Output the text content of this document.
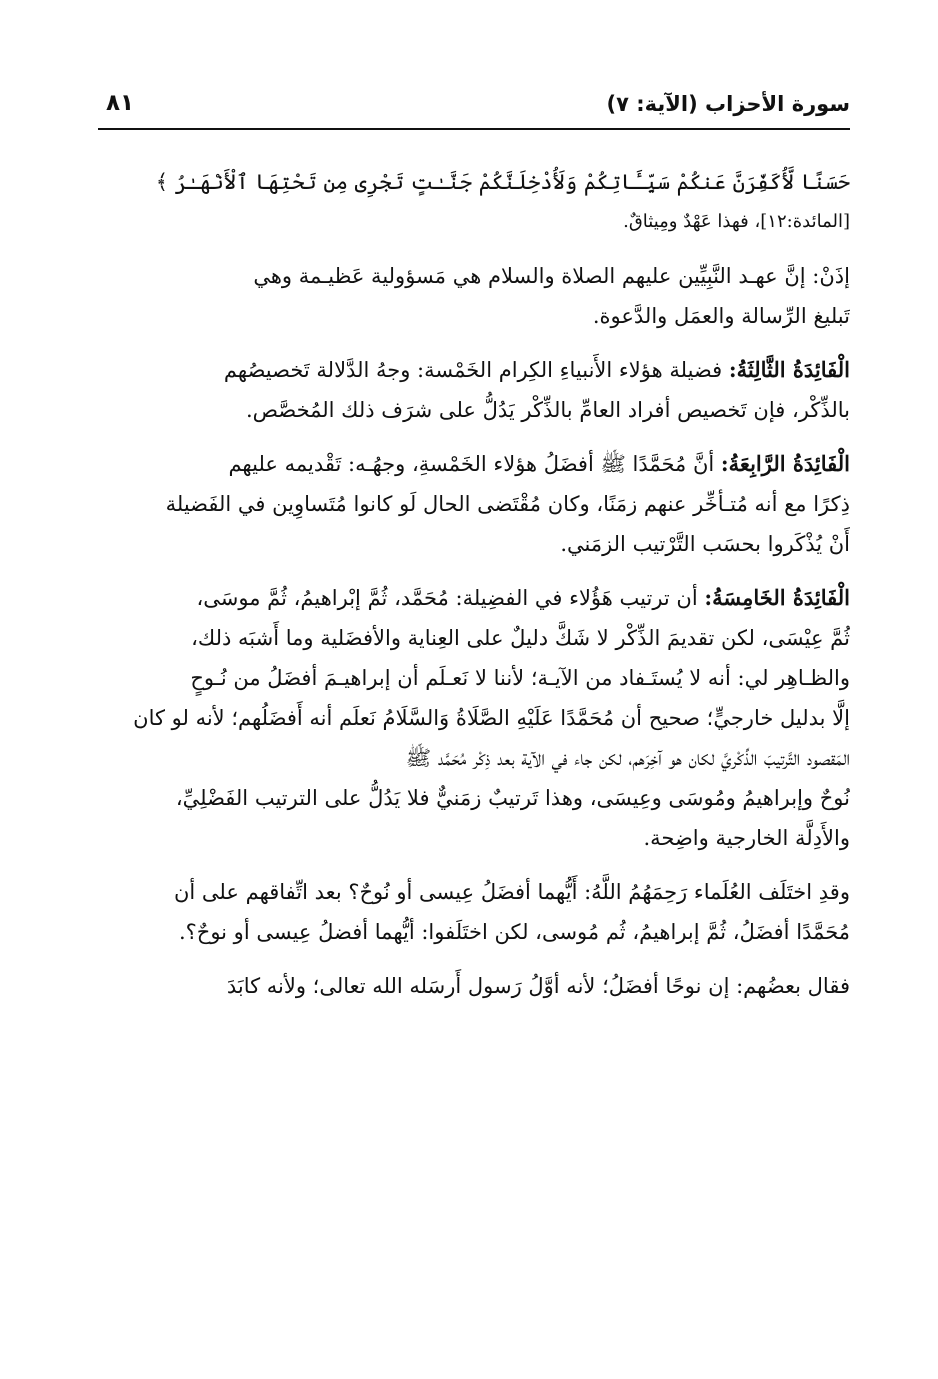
سورة الأحزاب (الآية: ٧)
٨١
حَسَنًا لَّأُكَفِّرَنَّ عَنكُمْ سَيِّـَٔاتِكُمْ وَلَأُدْخِلَنَّكُمْ جَنَّـٰتٍ تَجْرِى مِن تَحْتِهَا ٱلْأَنْهَـٰرُ ﴾
[المائدة:١٢]، فهذا عَهْدٌ ومِيثاقٌ.
إذَنْ: إنَّ عهـد النَّبِيِّين عليهم الصلاة والسلام هي مَسؤولية عَظيـمة وهي
تَبليغ الرِّسالة والعمَل والدَّعوة.
الْفَائِدَةُ الثَّالِثَةُ: فضيلة هؤلاء الأَنبياءِ الكِرام الخَمْسة: وجهُ الدَّلالة تَخصيصُهم
بالذِّكْر، فإن تَخصيص أفراد العامِّ بالذِّكْر يَدُلُّ على شرَف ذلك المُخصَّص.
الْفَائِدَةُ الرَّابِعَةُ: أنَّ مُحَمَّدًا ﷺ أفضَلُ هؤلاء الخَمْسةِ، وجهُـه: تَقْديمه عليهم
ذِكرًا مع أنه مُتـأخِّر عنهم زمَنًا، وكان مُقْتَضى الحال لَو كانوا مُتَساوِين في الفَضيلة
أَنْ يُذْكَروا بحسَب التَّرْتيب الزمَني.
الْفَائِدَةُ الخَامِسَةُ: أن ترتيب هَؤُلاء في الفضِيلة: مُحَمَّد، ثُمَّ إبْراهيمُ، ثُمَّ موسَى،
ثُمَّ عِيْسَى، لكن تقديمَ الذِّكْر لا شَكَّ دليلٌ على العِناية والأفضَلية وما أَشبَه ذلك،
والظـاهِر لي: أنه لا يُستَـفاد من الآيـة؛ لأننا لا نَعـلَم أن إبراهيـمَ أفضَلُ من نُـوحٍ
إلَّا بدليل خارجيٍّ؛ صحيح أن مُحَمَّدًا عَلَيْهِ الصَّلَاةُ وَالسَّلَامُ نَعلَم أنه أَفضَلُهم؛ لأنه لو كان
المَقصود التَّرتيبَ الذِّكْريَّ لكان هو آخِرَهم، لكن جاء في الآية بعد ذِكْر مُحَمَّد ﷺ
نُوحٌ وإبراهيمُ ومُوسَى وعِيسَى، وهذا تَرتيبٌ زمَنيٌّ فلا يَدُلُّ على الترتيب الفَضْلِيِّ،
والأَدِلَّة الخارجية واضِحة.
وقدِ اختَلَف العُلَماء رَحِمَهُمُ اللَّهُ: أَيُّهما أفضَلُ عِيسى أو نُوحٌ؟ بعد اتِّفاقهم على أن
مُحَمَّدًا أفضَلُ، ثُمَّ إبراهيمُ، ثُم مُوسى، لكن اختَلَفوا: أيُّهما أفضلُ عِيسى أو نوحٌ؟.
فقال بعضُهم: إن نوحًا أفضَلُ؛ لأنه أوَّلُ رَسول أَرسَله الله تعالى؛ ولأنه كابَدَ
